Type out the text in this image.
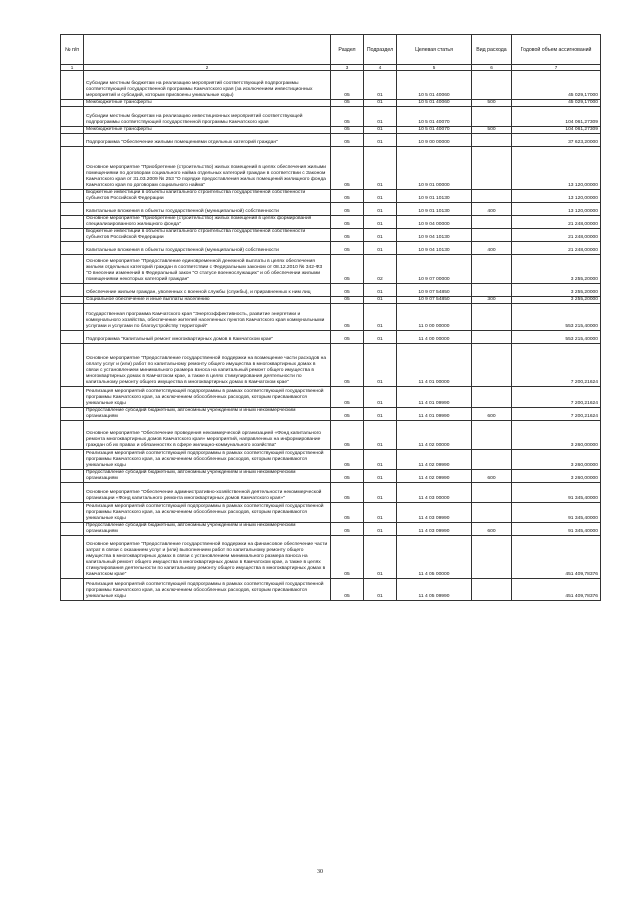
№ п/п		Раздел	Подраздел	Целевая статья	Вид расхода	Годовой объем ассигнований
1	2	3	4	5	6	7
	Субсидии местным бюджетам на реализацию мероприятий соответствующей подпрограммы соответствующей государственной программы Камчатского края (за исключением инвестиционных мероприятий и субсидий, которым присвоены уникальные коды)	05	01	10 5 01 40060		45 029,17000
	Межбюджетные трансферты	05	01	10 5 01 40060	500	45 029,17000
	Субсидии местным бюджетам на реализацию инвестиционных мероприятий соответствующей подпрограммы соответствующей государственной программы Камчатского края	05	01	10 5 01 40070		104 061,27309
	Межбюджетные трансферты	05	01	10 5 01 40070	500	104 061,27309
	Подпрограмма "Обеспечение жилыми помещениями отдельных категорий граждан"	05	01	10 9 00 00000		37 623,20000
	Основное мероприятие "Приобретение (строительство) жилых помещений в целях обеспечения жилыми помещениями по договорам социального найма отдельных категорий граждан в соответствии с Законом Камчатского края от 31.03.2009 № 253 "О порядке предоставления жилых помещений жилищного фонда Камчатского края по договорам социального найма"	05	01	10 9 01 00000		13 120,00000
	Бюджетные инвестиции в объекты капитального строительства государственной собственности субъектов Российской Федерации	05	01	10 9 01 10130		13 120,00000
	Капитальные вложения в объекты государственной (муниципальной) собственности	05	01	10 9 01 10130	400	13 120,00000
	Основное мероприятие "Приобретение (строительство) жилых помещений в целях формирования специализированного жилищного фонда"	05	01	10 9 04 00000		21 248,00000
	Бюджетные инвестиции в объекты капитального строительства государственной собственности субъектов Российской Федерации	05	01	10 9 04 10130		21 248,00000
	Капитальные вложения в объекты государственной (муниципальной) собственности	05	01	10 9 04 10130	400	21 248,00000
	Основное мероприятие "Предоставление единовременной денежной выплаты в целях обеспечения жильем отдельных категорий граждан в соответствии с Федеральным законом от 08.12.2010 № 342-ФЗ "О внесении изменений в Федеральный закон "О статусе военнослужащих" и об обеспечении жилыми помещениями некоторых категорий граждан"	05	02	10 9 07 00000		3 255,20000
	Обеспечение жильем граждан, уволенных с военной службы (службы), и приравненных к ним лиц	05	01	10 9 07 54850		3 255,20000
	Социальное обеспечение и иные выплаты населению	05	01	10 9 07 54850	300	3 255,20000
	Государственная программа Камчатского края "Энергоэффективность, развитие энергетики и коммунального хозяйства, обеспечение жителей населенных пунктов Камчатского края коммунальными услугами и услугами по благоустройству территорий"	05	01	11 0 00 00000		553 215,40000
	Подпрограмма "Капитальный ремонт многоквартирных домов в Камчатском крае"	05	01	11 4 00 00000		553 215,40000
	Основное мероприятие "Предоставление государственной поддержки на возмещение части расходов на оплату услуг и (или) работ по капитальному ремонту общего имущества в многоквартирных домах в связи с установлением минимального размера взноса на капитальный ремонт общего имущества в многоквартирных домах в Камчатском крае, а также в целях стимулирования деятельности по капитальному ремонту общего имущества в многоквартирных домах в Камчатском крае"	05	01	11 4 01 00000		7 200,21624
	Реализация мероприятий соответствующей подпрограммы в рамках соответствующей государственной программы Камчатского края, за исключением обособленных расходов, которым присваиваются уникальные коды	05	01	11 4 01 09990		7 200,21624
	Предоставление субсидий бюджетным, автономным учреждениям и иным некоммерческим организациям	05	01	11 4 01 09990	600	7 200,21624
	Основное мероприятие "Обеспечение проведения некоммерческой организацией «Фонд капитального ремонта многоквартирных домов Камчатского края» мероприятий, направленных на информирование граждан об их правах и обязанностях в сфере жилищно-коммунального хозяйства"	05	01	11 4 02 00000		3 260,00000
	Реализация мероприятий соответствующей подпрограммы в рамках соответствующей государственной программы Камчатского края, за исключением обособленных расходов, которым присваиваются уникальные коды	05	01	11 4 02 09990		3 260,00000
	Предоставление субсидий бюджетным, автономным учреждениям и иным некоммерческим организациям	05	01	11 4 02 09990	600	3 260,00000
	Основное мероприятие "Обеспечение административно-хозяйственной деятельности некоммерческой организации «Фонд капитального ремонта многоквартирных домов Камчатского края»"	05	01	11 4 03 00000		91 345,40000
	Реализация мероприятий соответствующей подпрограммы в рамках соответствующей государственной программы Камчатского края, за исключением обособленных расходов, которым присваиваются уникальные коды	05	01	11 4 03 09990		91 345,40000
	Предоставление субсидий бюджетным, автономным учреждениям и иным некоммерческим организациям	05	01	11 4 03 09990	600	91 345,40000
	Основное мероприятие "Предоставление государственной поддержки на финансовое обеспечение части затрат в связи с оказанием услуг и (или) выполнением работ по капитальному ремонту общего имущества в многоквартирных домах в связи с установлением минимального размера взноса на капитальный ремонт общего имущества в многоквартирных домах в Камчатском крае, а также в целях стимулирования деятельности по капитальному ремонту общего имущества в многоквартирных домах в Камчатском крае"	05	01	11 4 05 00000		451 409,78376
	Реализация мероприятий соответствующей подпрограммы в рамках соответствующей государственной программы Камчатского края, за исключением обособленных расходов, которым присваиваются уникальные коды	05	01	11 4 05 09990		451 409,78376
30
